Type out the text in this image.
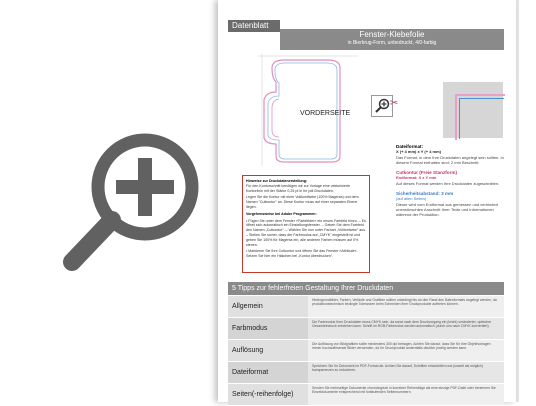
Datenblatt
Fenster-Klebefolie
in Bierkrug-Form, unbedruckt, 4/0-farbig
VORDERSEITE
✂
Hinweise zur Druckdatenerstellung:
Für den Konturschnitt benötigen wir zur Vorlage eine vektorisierte Konturlinie mit der Stärke 0,25 pt in Ihr pdf-Druckdaten.
Legen Sie die Kontur mit einer Vollkontfarbe (100% Magenta) und dem Namen "Cutkontur" an. Diese Kontur muss auf einer separaten Ebene liegen.
Vorgehensweise bei Adobe Programmen:
• Fügen Sie unter dem Fenster »Farbfelder« ein neues Farbfeld hinzu. – Es öffnet sich automatisch ein Einstellungsfenster. – Geben Sie dem Farbfeld den Namen „Cutkontur". – Wählen Sie nun unter Farbart „Volltonfarbe" aus. – Stellen Sie sicher, dass der Farbmodus auf „CMYK" eingestellt ist und geben Sie 100% für Magenta ein, alle anderen Farben müssen auf 0% stehen.
• Markieren Sie Ihre Cutkontur und öffnen Sie das Fenster »Attribute«. Setzen Sie hier ein Häkchen bei „Kontur überdrucken".
Dateiformat:
X (+ 4 mm) x Y (+ 4 mm)
Das Format, in dem Ihre Druckdaten angelegt sein sollten. In diesem Format enthalten sind: 2 mm Beschnitt.
Cutkontur (Freie Stanzform)
Endformat: X x Y mm
Auf dieses Format werden Ihre Druckdaten zugeschnitten.
Sicherheitsabstand: 3 mm
(auf allen Seiten)
Dieser wird vom Endformat aus gemessen und verhindert unerwünschten Anschnitt Ihrer Texte und Informationen während der Produktion.
5 Tipps zur fehlerfreien Gestaltung Ihrer Druckdaten
Allgemein
Hintergrundbilder, Farben, Verläufe und Grafiken sollten unbedingt bis an den Rand des Datenformats angelegt werden, da produktionstechnisch bedingte Toleranzen beim Schneiden Ihrer Druckprodukte auftreten können.
Farbmodus
Die Farbmodus Ihrer Druckdaten muss CMYK sein, da sonst nach dem Druckvorgang ein (leicht) veränderter, optischer Gesamteindruck entstehen kann. Schrift im RGB-Farbmodus werden automatisch (durch uns nach CMYK konvertiert).
Auflösung
Die Auflösung von Bildgrafiken sollte mindestens 300 dpi betragen. Achten Sie darauf, dass Sie für Ihre Objektvorlagen immer hochauflösende Bilder verwenden, da Ihr Druckprodukt andernfalls deutlich pixelig werden kann.
Dateiformat
Speichern Sie Ihr Dokument im PDF-Format ab. Achten Sie darauf, Schriften einzubetten und (soweit als möglich) transparenzen zu reduzieren.
Seiten(-reihenfolge)
Senden Sie mehrseitige Dokumente chronologisch in korrekter Reihenfolge als eine einzige PDF-Datei oder benennen Sie Einzeldokumente entsprechend mit fortlaufenden Seitennummern.
